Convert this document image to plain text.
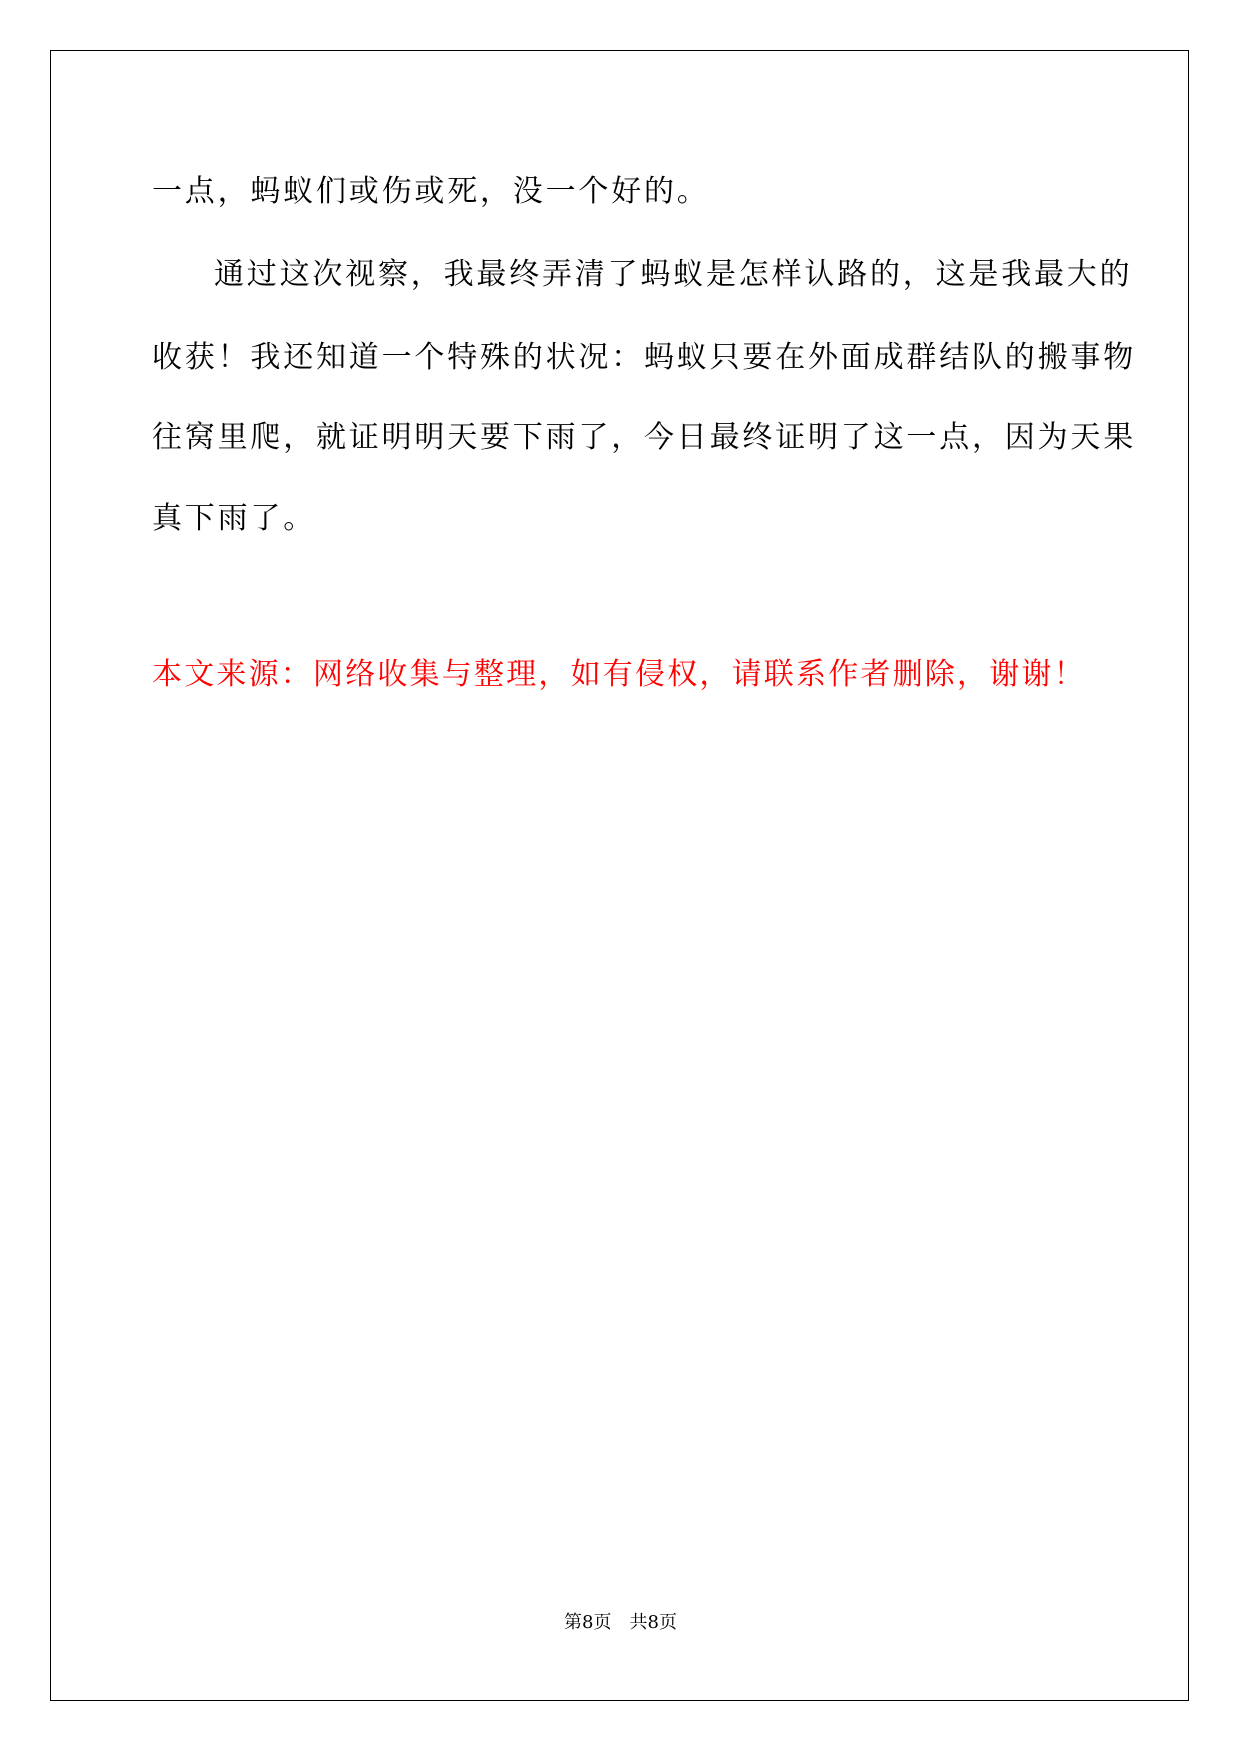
一点，蚂蚁们或伤或死，没一个好的。

通过这次视察，我最终弄清了蚂蚁是怎样认路的，这是我最大的

收获！我还知道一个特殊的状况：蚂蚁只要在外面成群结队的搬事物

往窝里爬，就证明明天要下雨了，今日最终证明了这一点，因为天果

真下雨了。

本文来源：网络收集与整理，如有侵权，请联系作者删除，谢谢！
第8页 共8页
